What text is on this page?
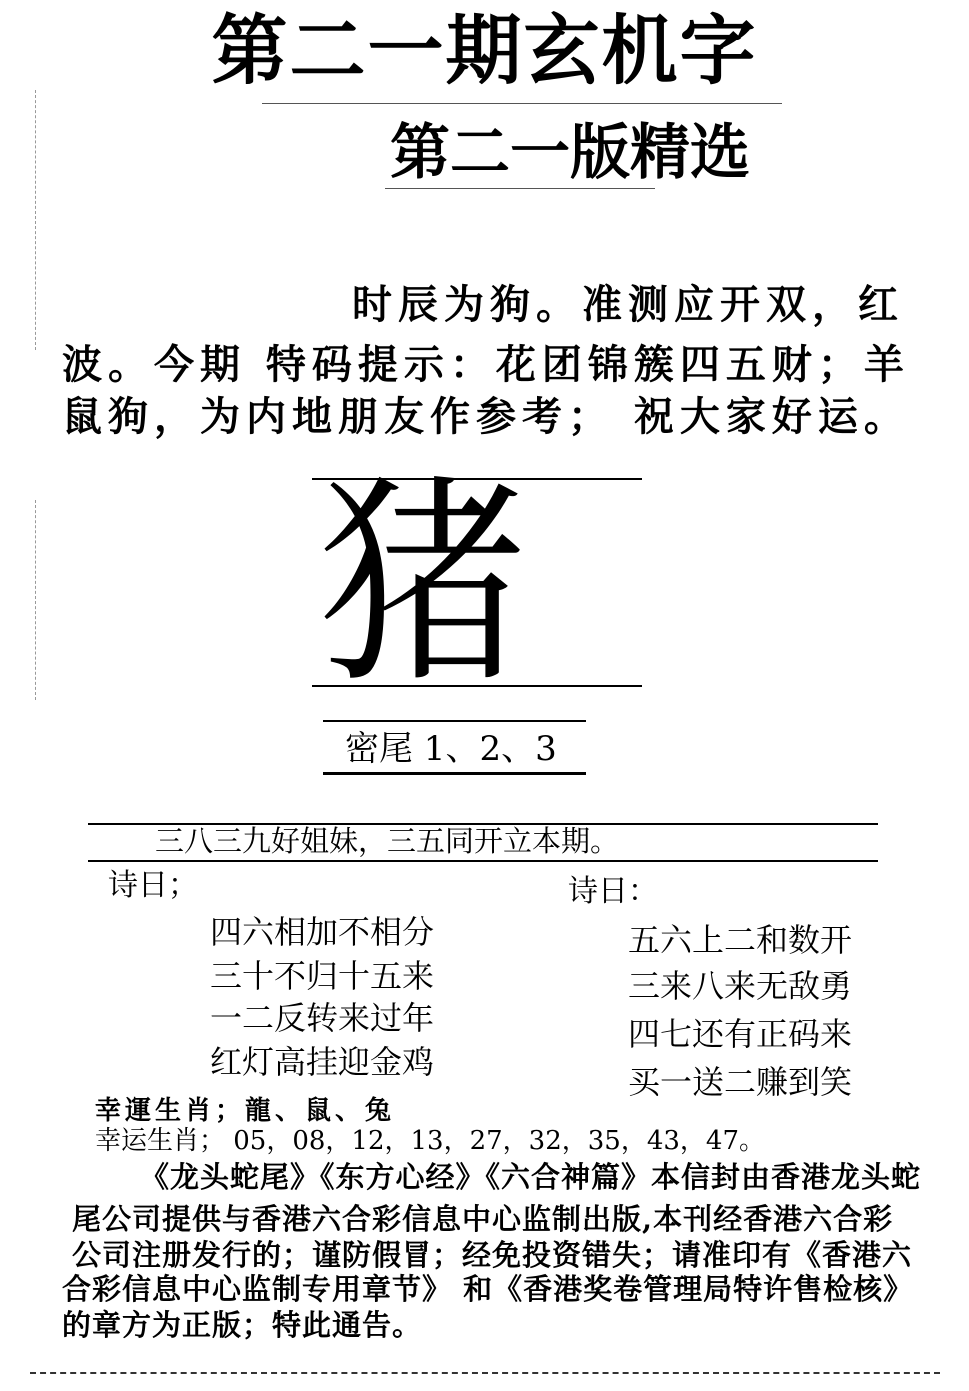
第二一期玄机字
第二一版精选
时辰为狗。准测应开双，红
波。今期 特码提示：花团锦簇四五财；羊
鼠狗，为内地朋友作参考； 祝大家好运。
猪
密尾 1、2、3
三八三九好姐妹，三五同开立本期。
诗日；
四六相加不相分
三十不归十五来
一二反转来过年
红灯高挂迎金鸡
诗日：
五六上二和数开
三来八来无敌勇
四七还有正码来
买一送二赚到笑
幸運生肖；龍、鼠、兔
幸运生肖； 05，08，12，13，27，32，35，43，47。
《龙头蛇尾》《东方心经》《六合神篇》本信封由香港龙头蛇
尾公司提供与香港六合彩信息中心监制出版,本刊经香港六合彩
公司注册发行的；谨防假冒；经免投资错失；请准印有《香港六
合彩信息中心监制专用章节》 和《香港奖卷管理局特许售检核》
的章方为正版；特此通告。
